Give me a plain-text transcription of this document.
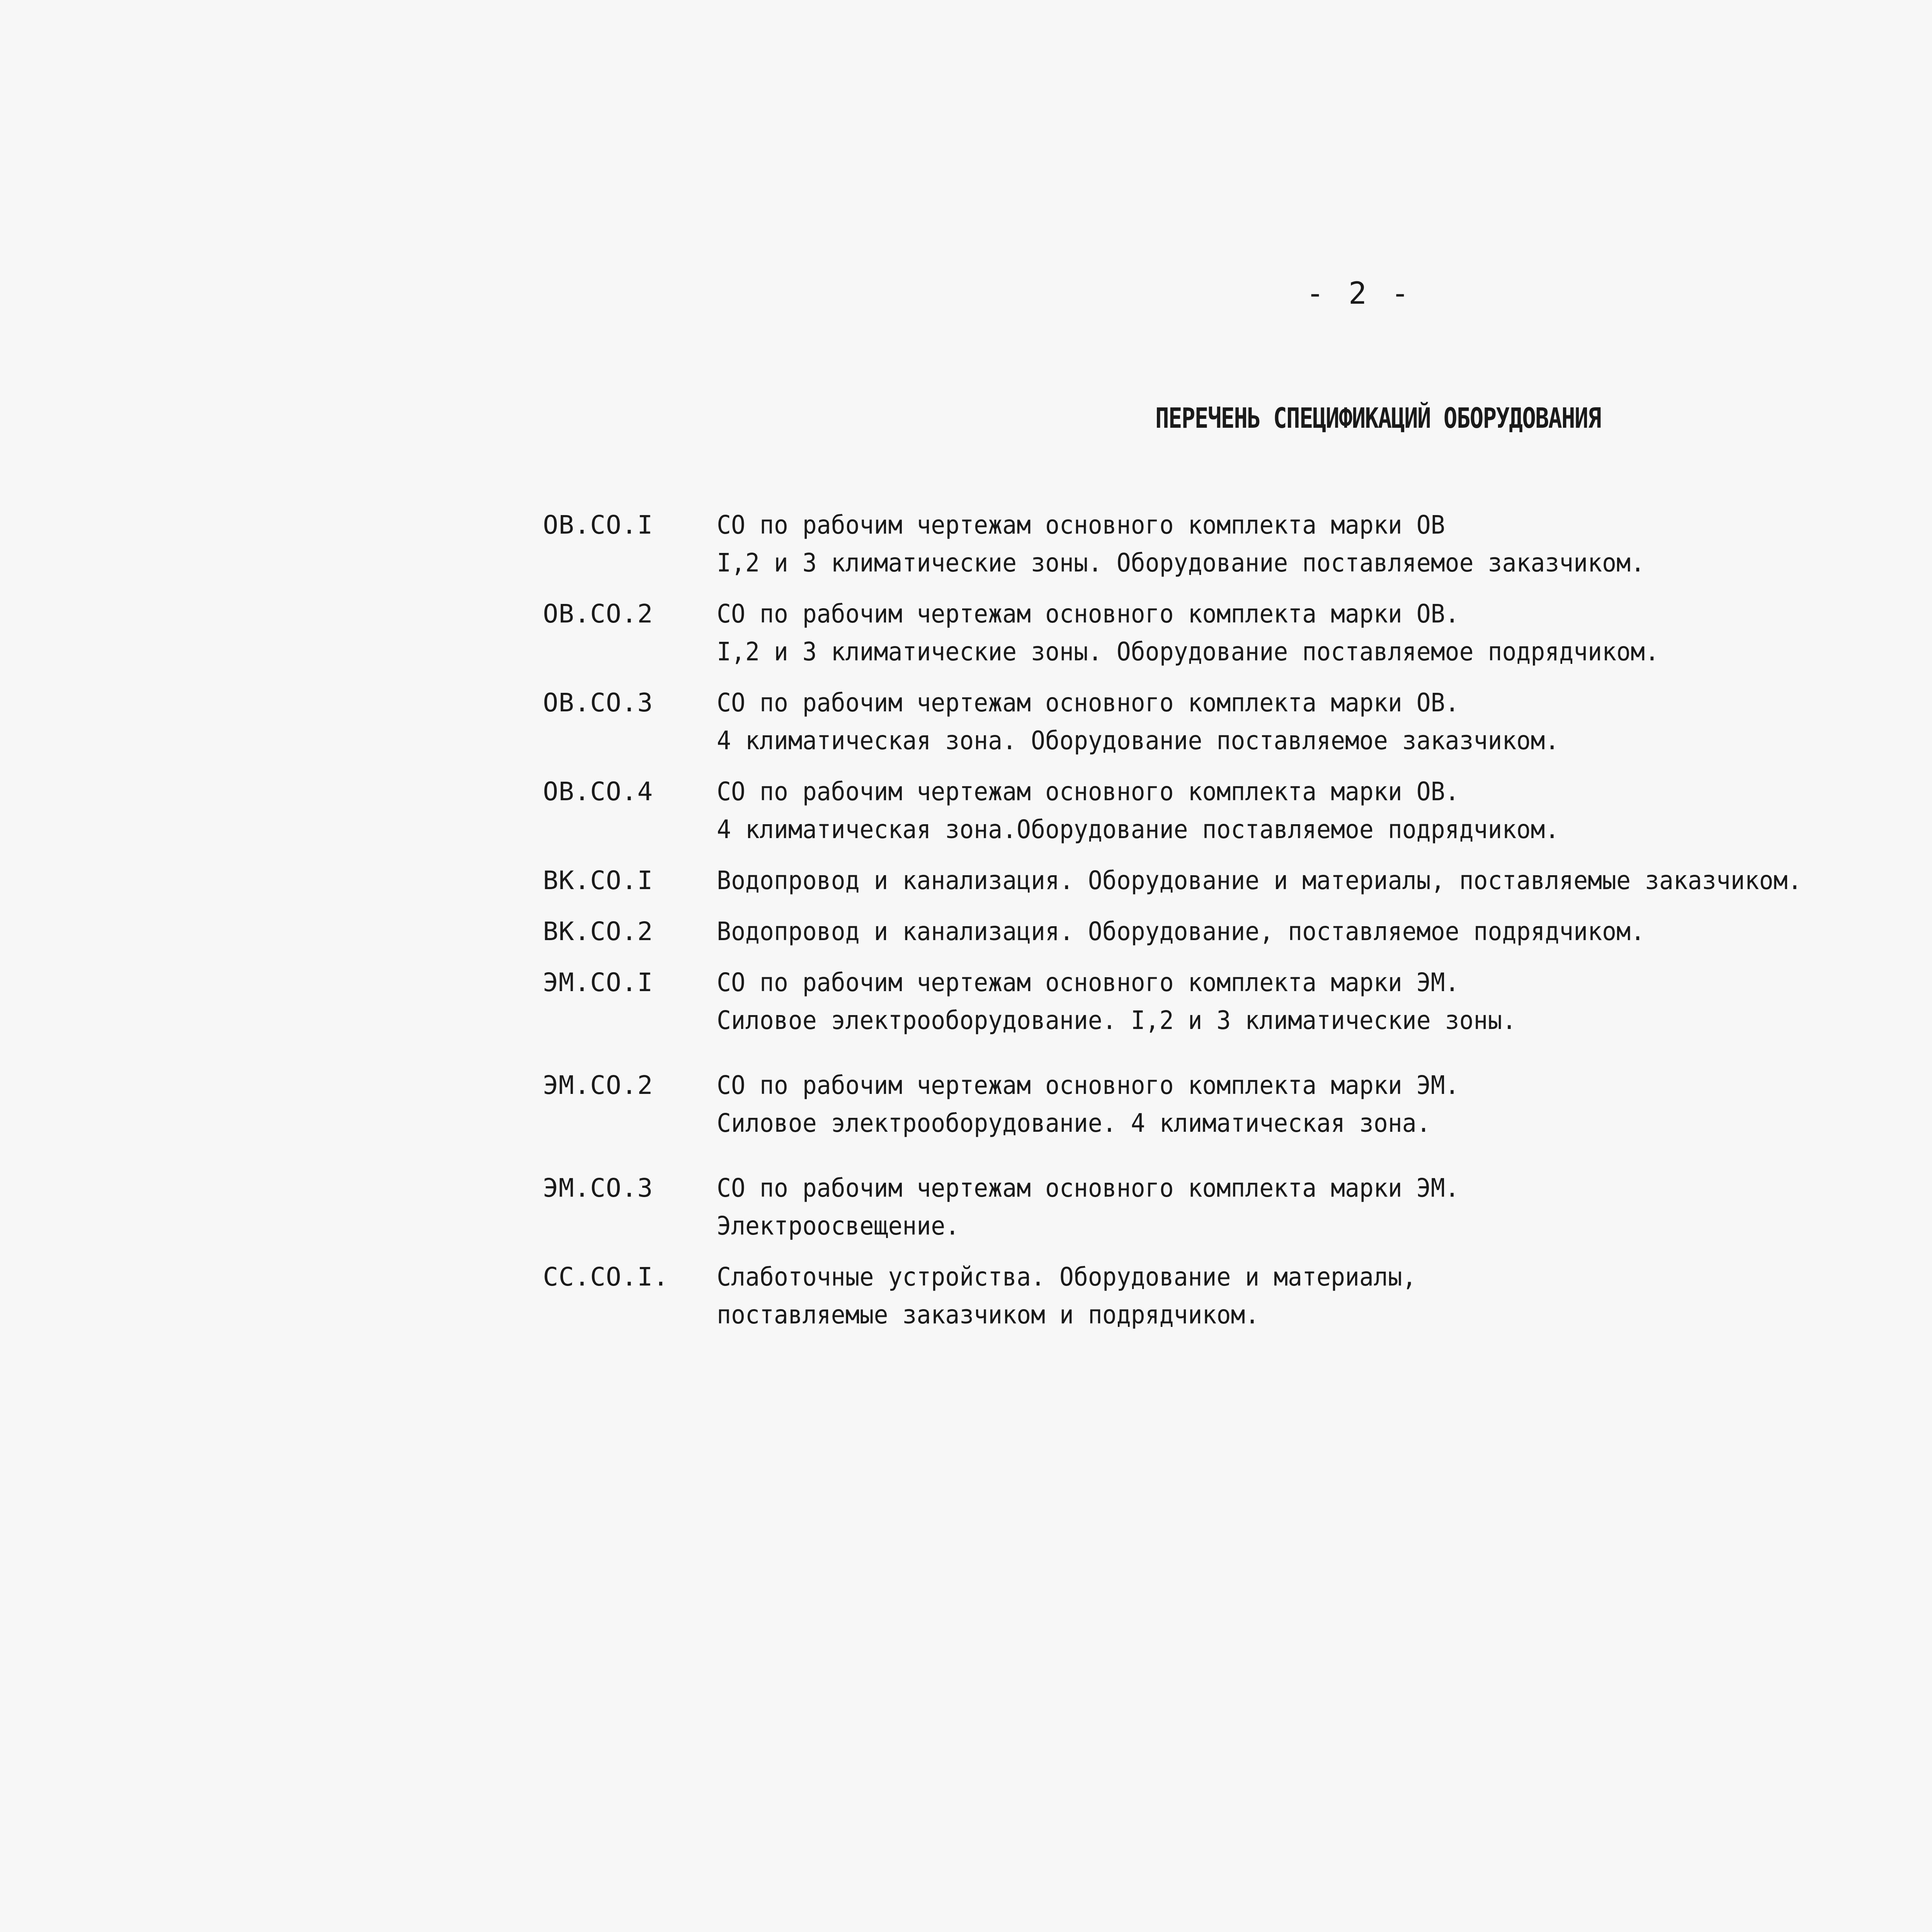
- 2 -
ПЕРЕЧЕНЬ СПЕЦИФИКАЦИЙ ОБОРУДОВАНИЯ
ОВ.СО.I	СО по рабочим чертежам основного комплекта марки ОВ
I,2 и 3 климатические зоны. Оборудование поставляемое заказчиком.
ОВ.СО.2	СО по рабочим чертежам основного комплекта марки ОВ.
I,2 и 3 климатические зоны. Оборудование поставляемое подрядчиком.
ОВ.СО.3	СО по рабочим чертежам основного комплекта марки ОВ.
4 климатическая зона. Оборудование поставляемое заказчиком.
ОВ.СО.4	СО по рабочим чертежам основного комплекта марки ОВ.
4 климатическая зона.Оборудование поставляемое подрядчиком.
ВК.СО.I	Водопровод и канализация. Оборудование и материалы, поставляемые заказчиком.
ВК.СО.2	Водопровод и канализация. Оборудование, поставляемое подрядчиком.
ЭМ.СО.I	СО по рабочим чертежам основного комплекта марки ЭМ.
Силовое электрооборудование. I,2 и 3 климатические зоны.
ЭМ.СО.2	СО по рабочим чертежам основного комплекта марки ЭМ.
Силовое электрооборудование. 4 климатическая зона.
ЭМ.СО.3	СО по рабочим чертежам основного комплекта марки ЭМ.
Электроосвещение.
СС.СО.I.	Слаботочные устройства. Оборудование и материалы,
поставляемые заказчиком и подрядчиком.
